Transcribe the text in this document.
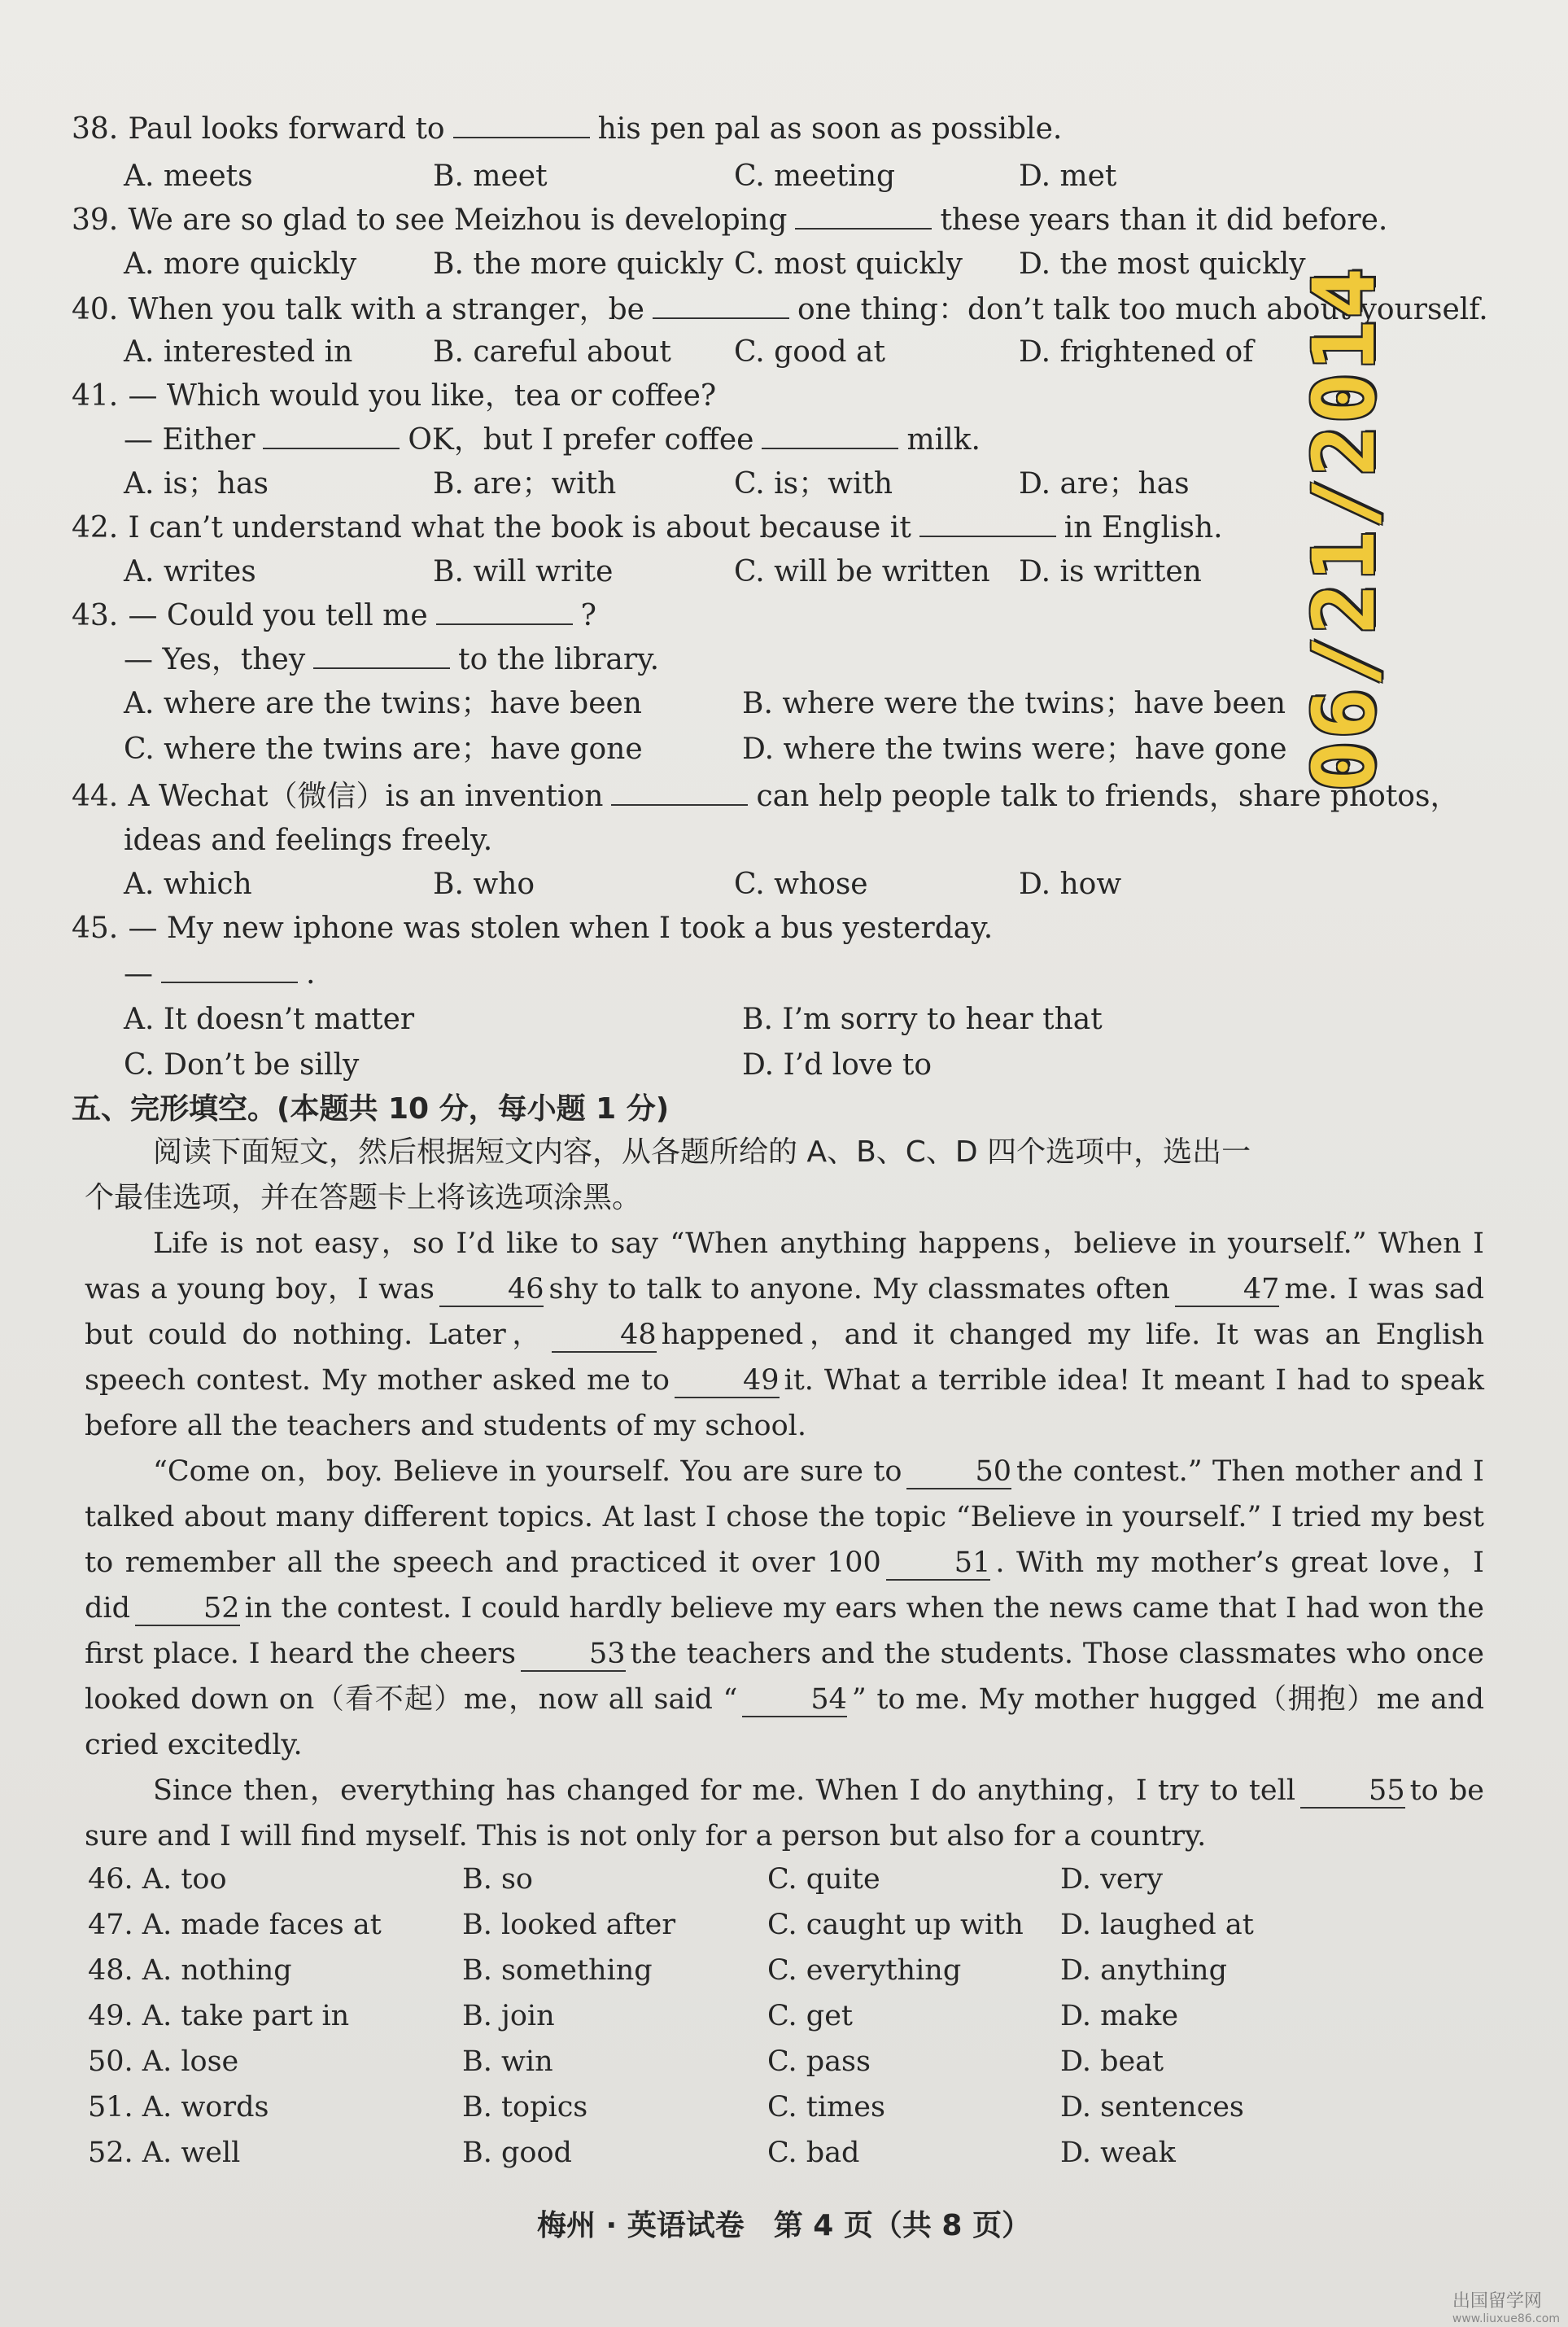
38. Paul looks forward to	his pen pal as soon as possible.
A. meets	B. meet	C. meeting	D. met
39. We are so glad to see Meizhou is developing	these years than it did before.
A. more quickly	B. the more quickly C. most quickly D. the most quickly
40. When you talk with a stranger，be	one thing：don’t talk too much about yourself.
A. interested in	B. careful about C. good at	D. frightened of
41. — Which would you like，tea or coffee?
— Either	OK，but I prefer coffee	milk.
A. is；has	B. are；with	C. is；with	D. are；has
42. I can’t understand what the book is about because it	in English.
A. writes	B. will write	C. will be written D. is written
43. — Could you tell me	?
— Yes，they	to the library.
A. where are the twins；have been	B. where were the twins；have been
C. where the twins are；have gone	D. where the twins were；have gone
44. A Wechat（微信）is an invention	can help people talk to friends，share photos，
ideas and feelings freely.
A. which	B. who	C. whose	D. how
45. — My new iphone was stolen when I took a bus yesterday.
—	.
A. It doesn’t matter	B. I’m sorry to hear that
C. Don’t be silly	D. I’d love to
五、完形填空。(本题共 10 分，每小题 1 分)
阅读下面短文，然后根据短文内容，从各题所给的 A、B、C、D 四个选项中，选出一
个最佳选项，并在答题卡上将该选项涂黑。

Life is not easy，so I’d like to say “When anything happens，believe in yourself.” When I was a young boy，I was	46 shy to talk to anyone. My classmates often	47 me. I was sad but could do nothing. Later，	48 happened，and it changed my life. It was an English speech contest. My mother asked me to	49 it. What a terrible idea! It meant I had to speak before all the teachers and students of my school.

“Come on，boy. Believe in yourself. You are sure to	50 the contest.” Then mother and I talked about many different topics. At last I chose the topic “Believe in yourself.” I tried my best to remember all the speech and practiced it over 100	51 . With my mother’s great love，I did	52 in the contest. I could hardly believe my ears when the news came that I had won the first place. I heard the cheers	53 the teachers and the students. Those classmates who once looked down on（看不起）me，now all said “	54 ” to me. My mother hugged（拥抱）me and cried excitedly.

Since then，everything has changed for me. When I do anything，I try to tell	55 to be sure and I will find myself. This is not only for a person but also for a country.

46. A. too	B. so	C. quite	D. very
47. A. made faces at	B. looked after	C. caught up with D. laughed at
48. A. nothing	B. something	C. everything	D. anything
49. A. take part in	B. join	C. get	D. make
50. A. lose	B. win	C. pass	D. beat
51. A. words	B. topics	C. times	D. sentences
52. A. well	B. good	C. bad	D. weak
梅州 · 英语试卷　第 4 页（共 8 页）
06/21/2014
出国留学网
www.liuxue86.com
